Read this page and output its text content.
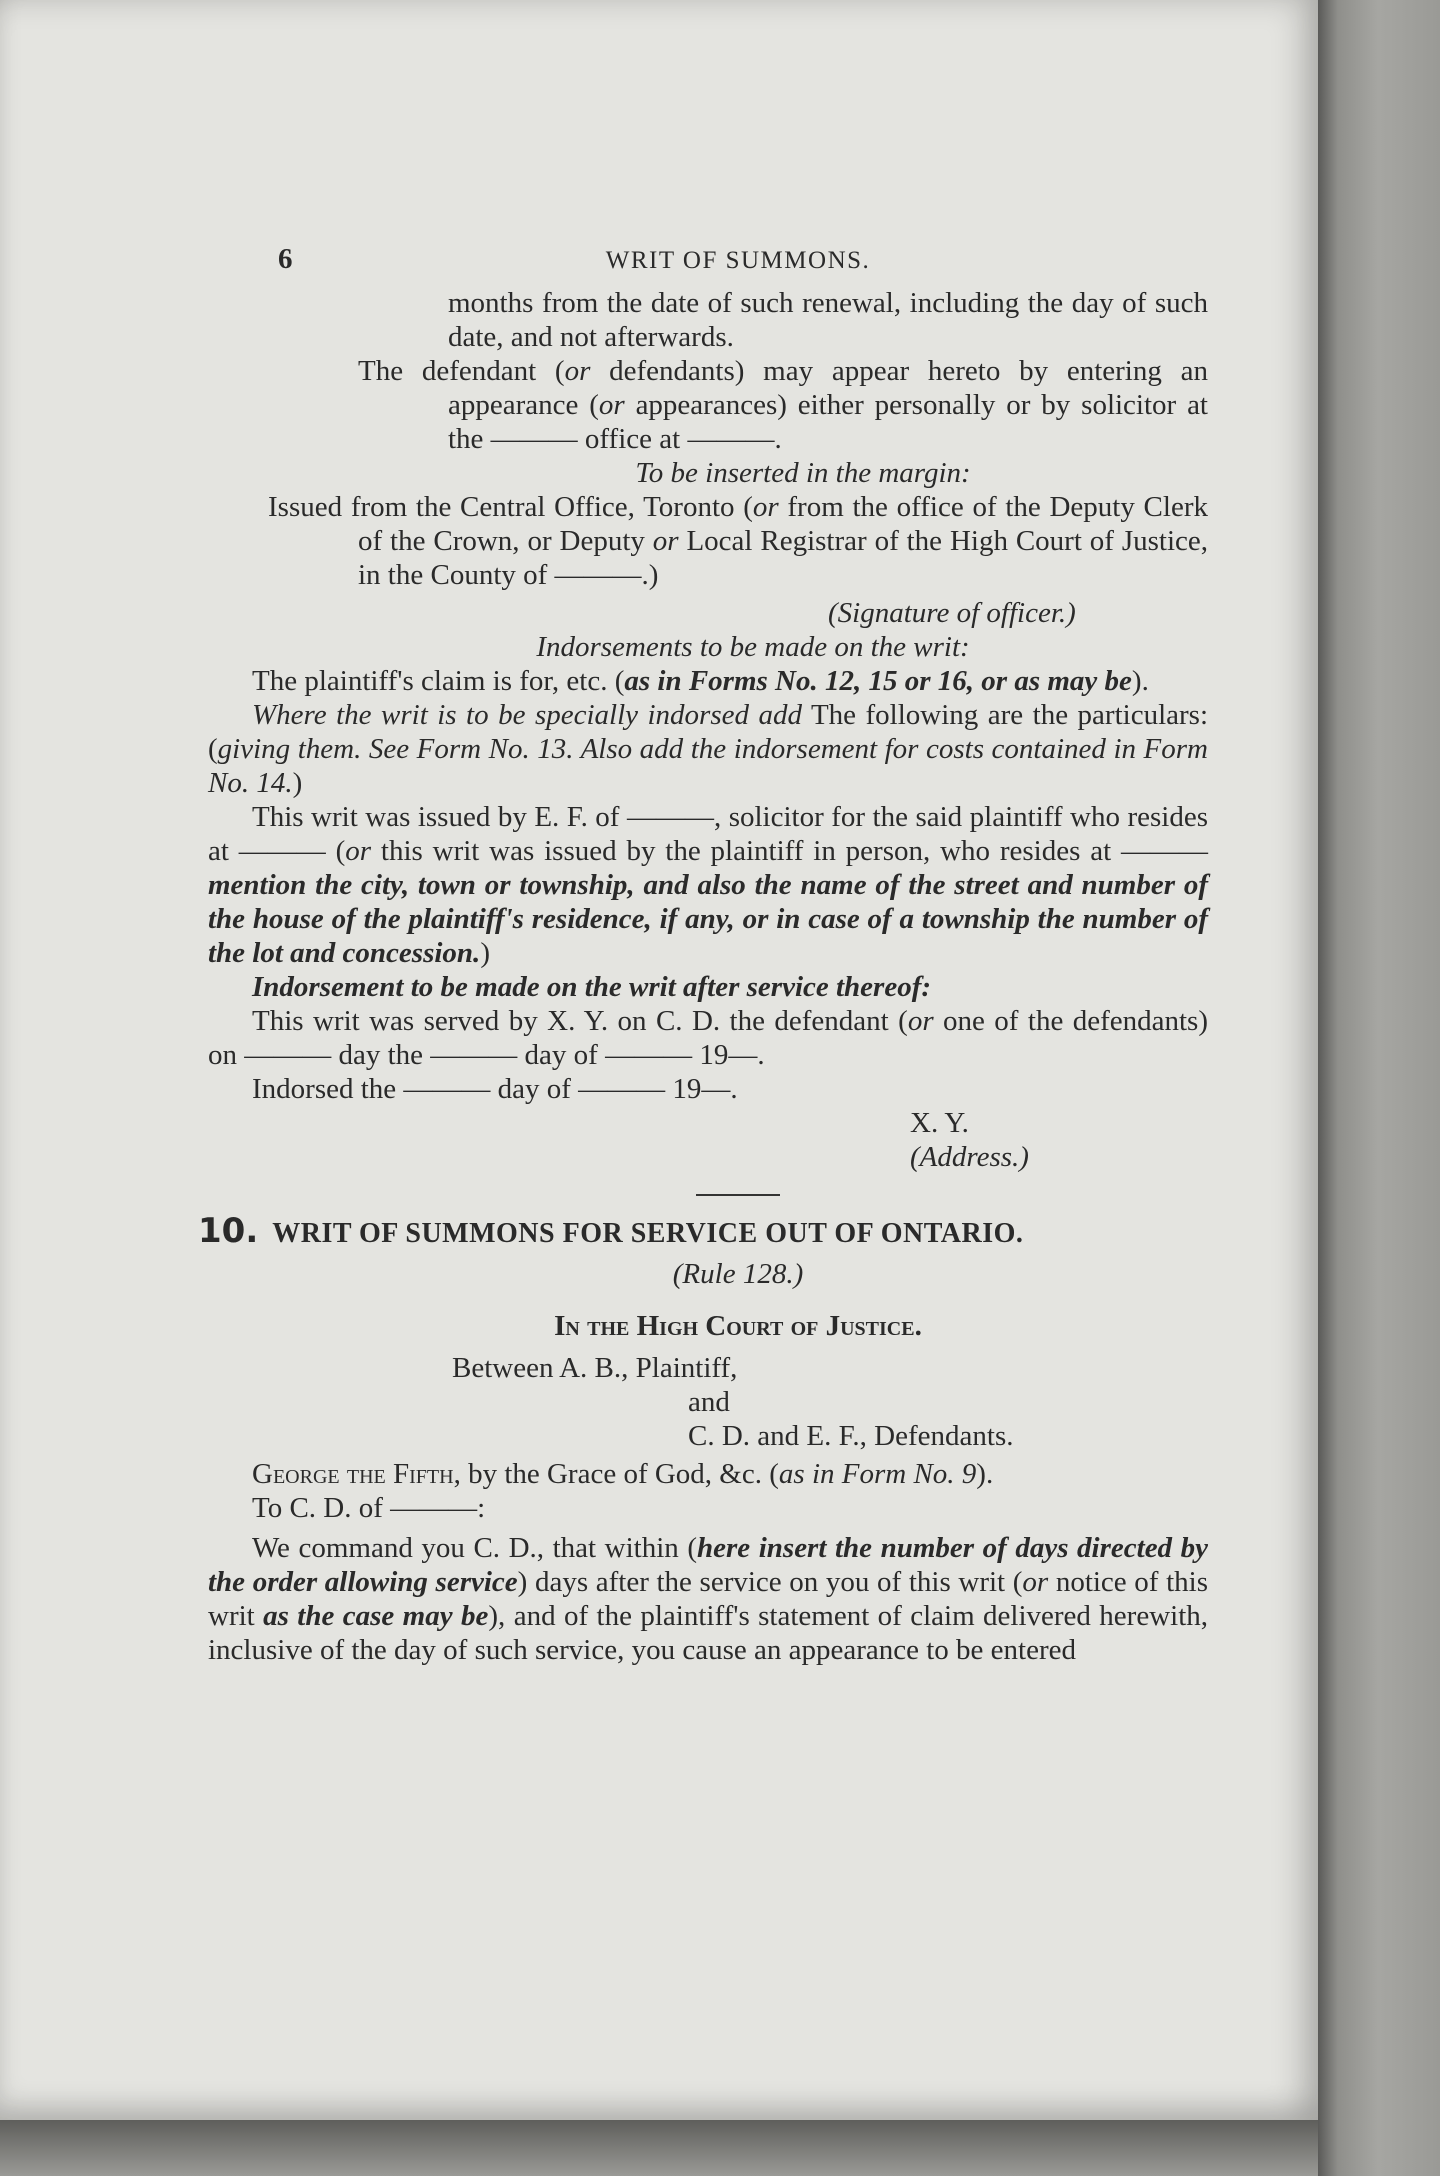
6	WRIT OF SUMMONS.

months from the date of such renewal, including the day of such date, and not afterwards.

The defendant (or defendants) may appear hereto by entering an appearance (or appearances) either personally or by solicitor at the ——— office at ———.

To be inserted in the margin:

Issued from the Central Office, Toronto (or from the office of the Deputy Clerk of the Crown, or Deputy or Local Registrar of the High Court of Justice, in the County of ———.)

(Signature of officer.)

Indorsements to be made on the writ:

The plaintiff's claim is for, etc. (as in Forms No. 12, 15 or 16, or as may be).

Where the writ is to be specially indorsed add The following are the particulars: (giving them. See Form No. 13. Also add the indorsement for costs contained in Form No. 14.)

This writ was issued by E. F. of ———, solicitor for the said plaintiff who resides at ——— (or this writ was issued by the plaintiff in person, who resides at ——— mention the city, town or township, and also the name of the street and number of the house of the plaintiff's residence, if any, or in case of a township the number of the lot and concession.)

Indorsement to be made on the writ after service thereof:

This writ was served by X. Y. on C. D. the defendant (or one of the defendants) on ——— day the ——— day of ——— 19—.

Indorsed the ——— day of ——— 19—.

X. Y.

(Address.)

10. WRIT OF SUMMONS FOR SERVICE OUT OF ONTARIO.

(Rule 128.)

In the High Court of Justice.

Between A. B., Plaintiff,

and

C. D. and E. F., Defendants.

George the Fifth, by the Grace of God, &c. (as in Form No. 9).

To C. D. of ———:

We command you C. D., that within (here insert the number of days directed by the order allowing service) days after the service on you of this writ (or notice of this writ as the case may be), and of the plaintiff's statement of claim delivered herewith, inclusive of the day of such service, you cause an appearance to be entered
